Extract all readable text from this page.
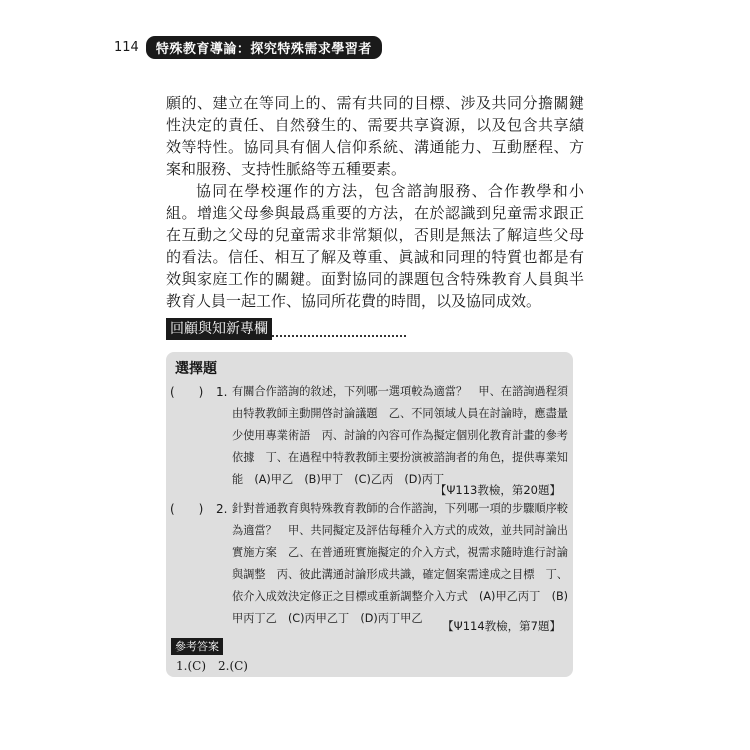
114	特殊教育導論：探究特殊需求學習者

願的、建立在等同上的、需有共同的目標、涉及共同分擔關鍵性決定的責任、自然發生的、需要共享資源，以及包含共享績效等特性。協同具有個人信仰系統、溝通能力、互動歷程、方案和服務、支持性脈絡等五種要素。

協同在學校運作的方法，包含諮詢服務、合作教學和小組。增進父母參與最爲重要的方法，在於認識到兒童需求跟正在互動之父母的兒童需求非常類似，否則是無法了解這些父母的看法。信任、相互了解及尊重、眞誠和同理的特質也都是有效與家庭工作的關鍵。面對協同的課題包含特殊教育人員與半教育人員一起工作、協同所花費的時間，以及協同成效。

回顧與知新專欄
選擇題
(　　) 1. 有關合作諮詢的敘述，下列哪一選項較為適當？　甲、在諮詢過程須由特教教師主動開啓討論議題　乙、不同領域人員在討論時，應盡量少使用專業術語　丙、討論的內容可作為擬定個別化教育計畫的參考依據　丁、在過程中特教教師主要扮演被諮詢者的角色，提供專業知能　(A)甲乙　(B)甲丁　(C)乙丙　(D)丙丁
【Ψ113教檢，第20題】
(　　) 2. 針對普通教育與特殊教育教師的合作諮詢，下列哪一項的步驟順序較為適當？　甲、共同擬定及評估每種介入方式的成效，並共同討論出實施方案　乙、在普通班實施擬定的介入方式，視需求隨時進行討論與調整　丙、彼此溝通討論形成共識，確定個案需達成之目標　丁、依介入成效決定修正之目標或重新調整介入方式　(A)甲乙丙丁　(B)甲丙丁乙　(C)丙甲乙丁　(D)丙丁甲乙
【Ψ114教檢，第7題】
參考答案
1.(C)　2.(C)
